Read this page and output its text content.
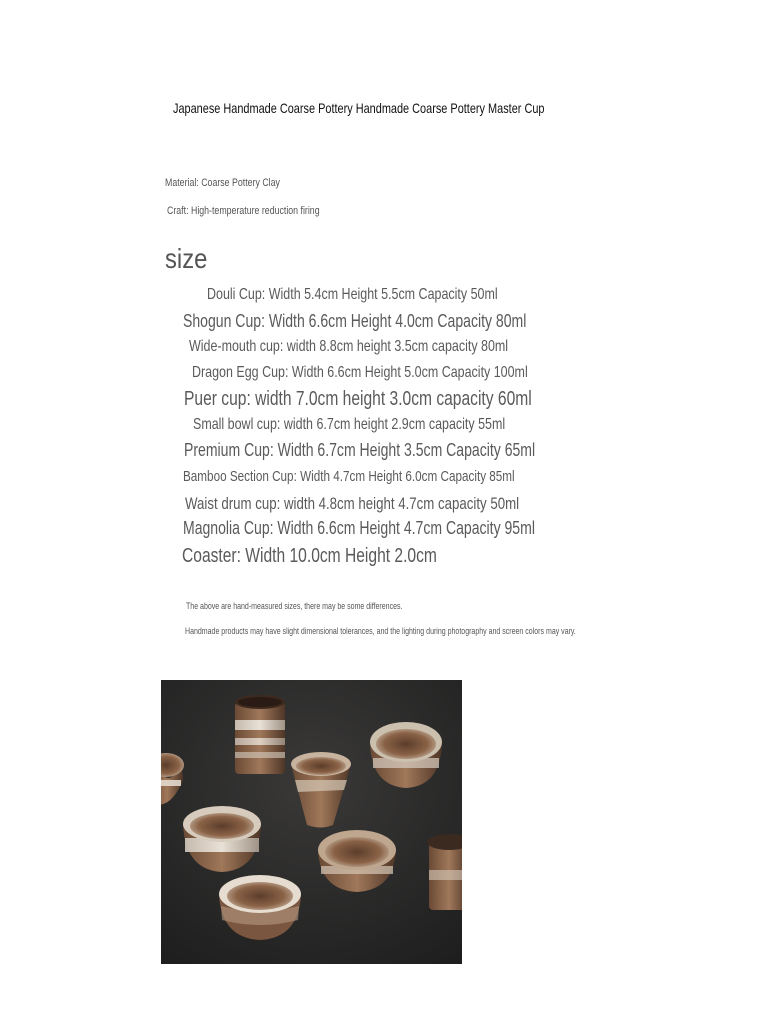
Japanese Handmade Coarse Pottery Handmade Coarse Pottery Master Cup
Material: Coarse Pottery Clay
Craft: High-temperature reduction firing
size
Douli Cup: Width 5.4cm Height 5.5cm Capacity 50ml
Shogun Cup: Width 6.6cm Height 4.0cm Capacity 80ml
Wide-mouth cup: width 8.8cm height 3.5cm capacity 80ml
Dragon Egg Cup: Width 6.6cm Height 5.0cm Capacity 100ml
Puer cup: width 7.0cm height 3.0cm capacity 60ml
Small bowl cup: width 6.7cm height 2.9cm capacity 55ml
Premium Cup: Width 6.7cm Height 3.5cm Capacity 65ml
Bamboo Section Cup: Width 4.7cm Height 6.0cm Capacity 85ml
Waist drum cup: width 4.8cm height 4.7cm capacity 50ml
Magnolia Cup: Width 6.6cm Height 4.7cm Capacity 95ml
Coaster: Width 10.0cm Height 2.0cm
The above are hand-measured sizes, there may be some differences.
Handmade products may have slight dimensional tolerances, and the lighting during photography and screen colors may vary.
